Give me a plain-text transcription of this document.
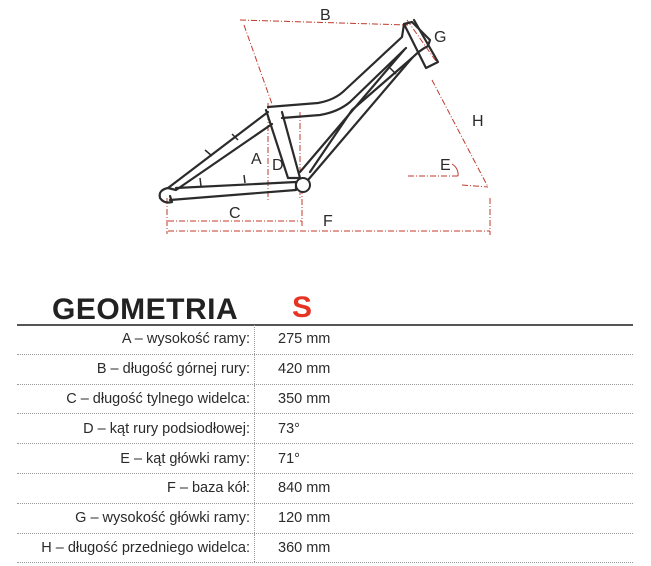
B
G
H
E
A D
C	F
GEOMETRIA S
A – wysokość ramy:	275 mm
B – długość górnej rury:	420 mm
C – długość tylnego widelca:	350 mm
D – kąt rury podsiodłowej:	73°
E – kąt główki ramy:	71°
F – baza kół:	840 mm
G – wysokość główki ramy:	120 mm
H – długość przedniego widelca:	360 mm
